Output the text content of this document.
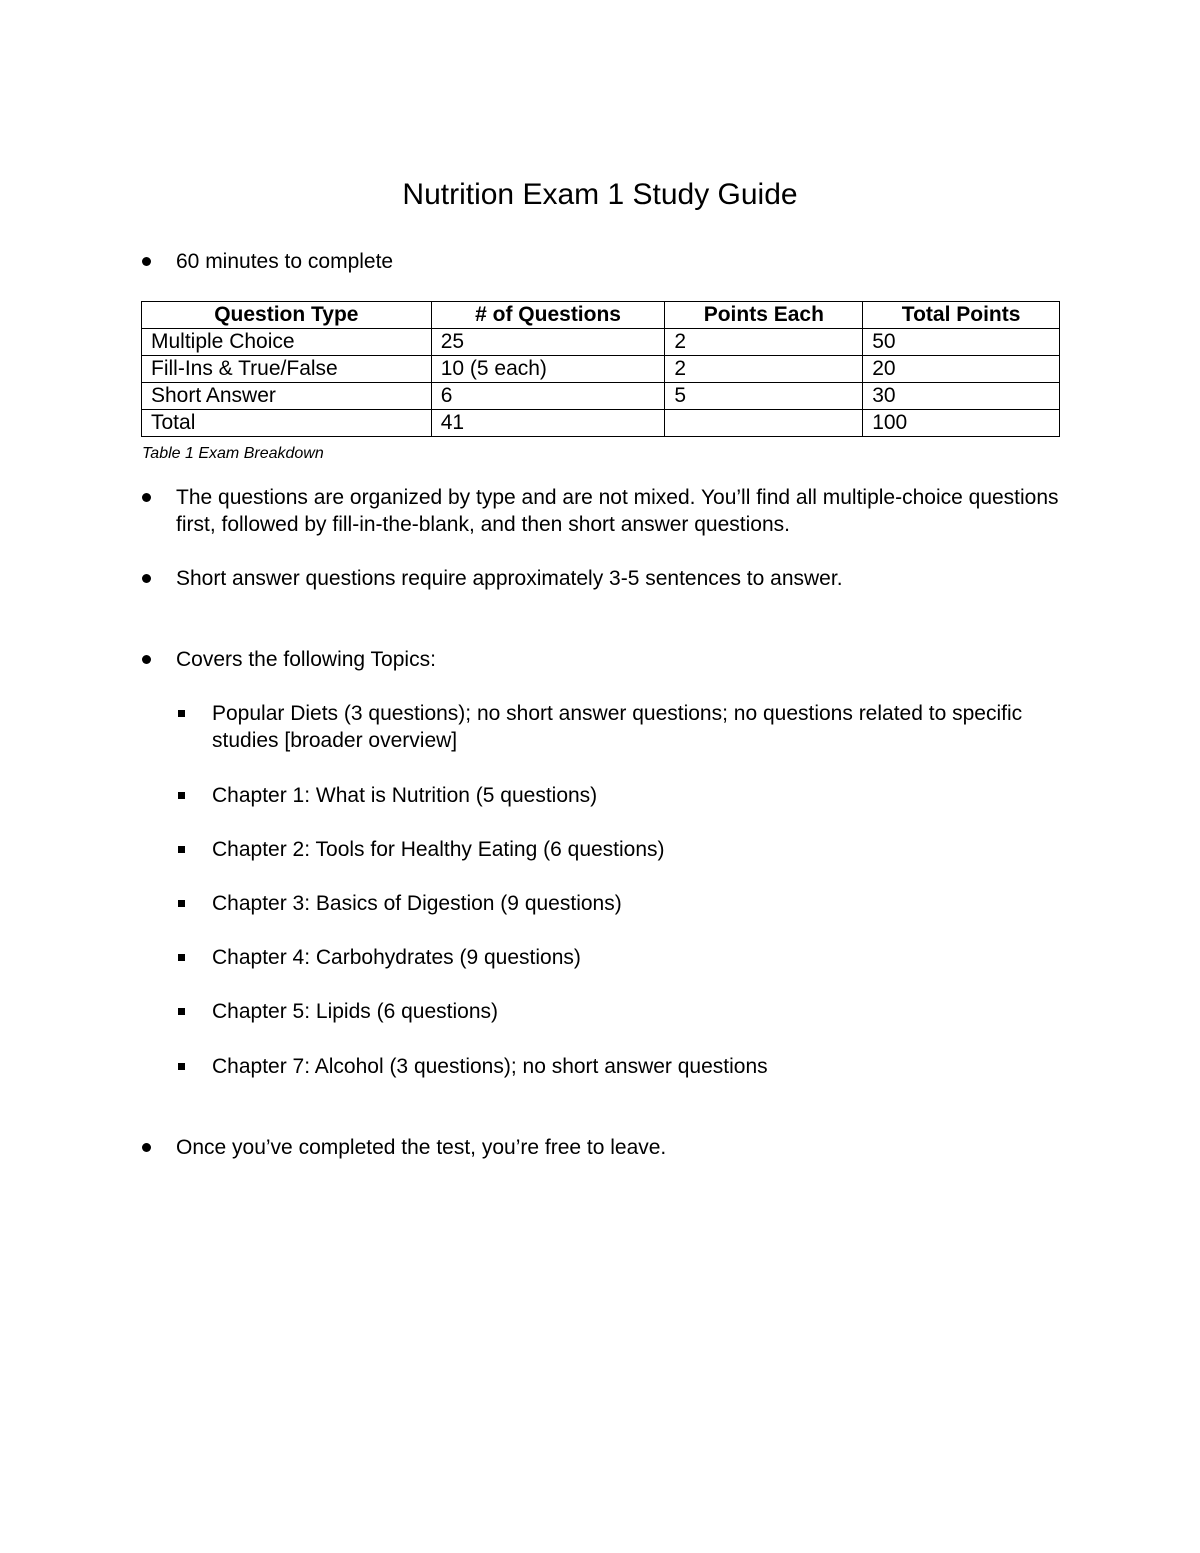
Nutrition Exam 1 Study Guide
60 minutes to complete
Question Type	# of Questions	Points Each	Total Points
Multiple Choice	25	2	50
Fill-Ins & True/False	10 (5 each)	2	20
Short Answer	6	5	30
Total	41		100
Table 1 Exam Breakdown
The questions are organized by type and are not mixed. You’ll find all multiple-choice questions first, followed by fill-in-the-blank, and then short answer questions.
Short answer questions require approximately 3-5 sentences to answer.
Covers the following Topics:
Popular Diets (3 questions); no short answer questions; no questions related to specific studies [broader overview]
Chapter 1: What is Nutrition (5 questions)
Chapter 2: Tools for Healthy Eating (6 questions)
Chapter 3: Basics of Digestion (9 questions)
Chapter 4: Carbohydrates (9 questions)
Chapter 5: Lipids (6 questions)
Chapter 7: Alcohol (3 questions); no short answer questions
Once you’ve completed the test, you’re free to leave.
